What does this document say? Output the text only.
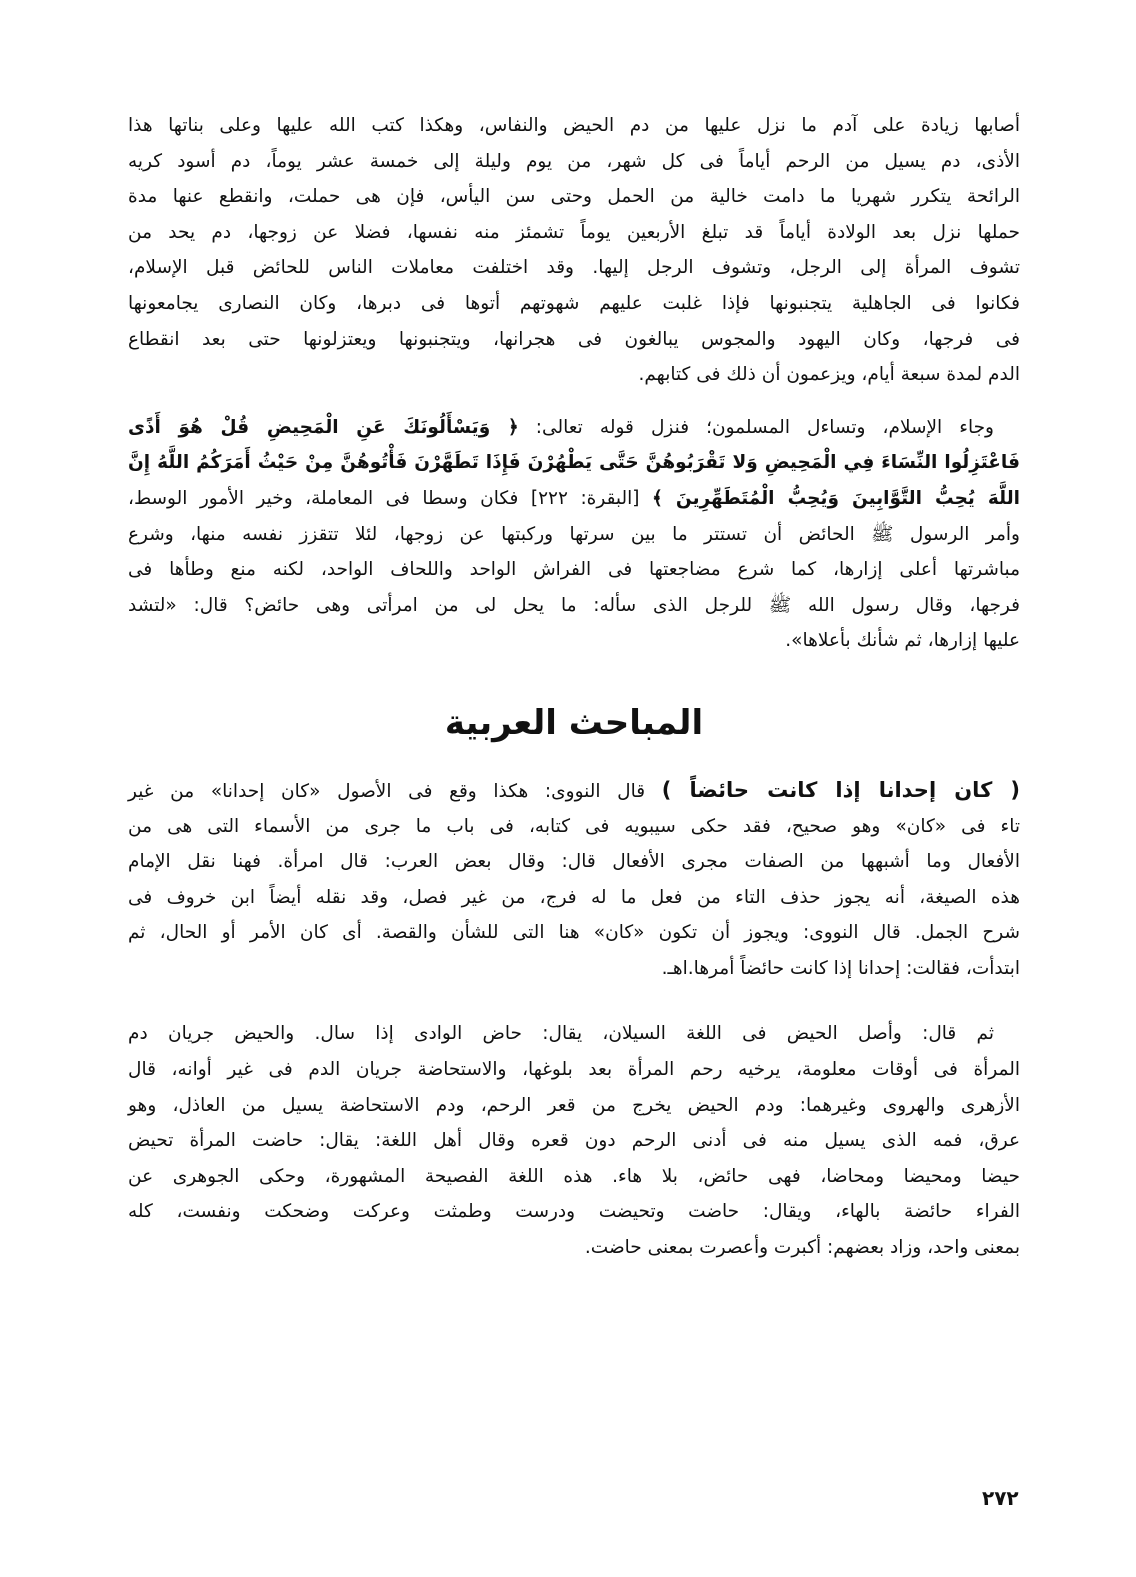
أصابها زيادة على آدم ما نزل عليها من دم الحيض والنفاس، وهكذا كتب الله عليها وعلى بناتها هذا
الأذى، دم يسيل من الرحم أياماً فى كل شهر، من يوم وليلة إلى خمسة عشر يوماً، دم أسود كريه
الرائحة يتكرر شهريا ما دامت خالية من الحمل وحتى سن اليأس، فإن هى حملت، وانقطع عنها مدة
حملها نزل بعد الولادة أياماً قد تبلغ الأربعين يوماً تشمئز منه نفسها، فضلا عن زوجها، دم يحد من
تشوف المرأة إلى الرجل، وتشوف الرجل إليها. وقد اختلفت معاملات الناس للحائض قبل الإسلام،
فكانوا فى الجاهلية يتجنبونها فإذا غلبت عليهم شهوتهم أتوها فى دبرها، وكان النصارى يجامعونها
فى فرجها، وكان اليهود والمجوس يبالغون فى هجرانها، ويتجنبونها ويعتزلونها حتى بعد انقطاع
الدم لمدة سبعة أيام، ويزعمون أن ذلك فى كتابهم.
وجاء الإسلام، وتساءل المسلمون؛ فنزل قوله تعالى: ﴿ وَيَسْأَلُونَكَ عَنِ الْمَحِيضِ قُلْ هُوَ أَذًى
فَاعْتَزِلُوا النِّسَاءَ فِي الْمَحِيضِ وَلا تَقْرَبُوهُنَّ حَتَّى يَطْهُرْنَ فَإِذَا تَطَهَّرْنَ فَأْتُوهُنَّ مِنْ حَيْثُ أَمَرَكُمُ اللَّهُ إِنَّ
اللَّهَ يُحِبُّ التَّوَّابِينَ وَيُحِبُّ الْمُتَطَهِّرِينَ ﴾ [البقرة: ٢٢٢] فكان وسطا فى المعاملة، وخير الأمور الوسط،
وأمر الرسول ﷺ الحائض أن تستتر ما بين سرتها وركبتها عن زوجها، لئلا تتقزز نفسه منها، وشرع
مباشرتها أعلى إزارها، كما شرع مضاجعتها فى الفراش الواحد واللحاف الواحد، لكنه منع وطأها فى
فرجها، وقال رسول الله ﷺ للرجل الذى سأله: ما يحل لى من امرأتى وهى حائض؟ قال: «لتشد
عليها إزارها، ثم شأنك بأعلاها».
المباحث العربية
( كان إحدانا إذا كانت حائضاً ) قال النووى: هكذا وقع فى الأصول «كان إحدانا» من غير
تاء فى «كان» وهو صحيح، فقد حكى سيبويه فى كتابه، فى باب ما جرى من الأسماء التى هى من
الأفعال وما أشبهها من الصفات مجرى الأفعال قال: وقال بعض العرب: قال امرأة. فهنا نقل الإمام
هذه الصيغة، أنه يجوز حذف التاء من فعل ما له فرج، من غير فصل، وقد نقله أيضاً ابن خروف فى
شرح الجمل. قال النووى: ويجوز أن تكون «كان» هنا التى للشأن والقصة. أى كان الأمر أو الحال، ثم
ابتدأت، فقالت: إحدانا إذا كانت حائضاً أمرها.اهـ.
ثم قال: وأصل الحيض فى اللغة السيلان، يقال: حاض الوادى إذا سال. والحيض جريان دم
المرأة فى أوقات معلومة، يرخيه رحم المرأة بعد بلوغها، والاستحاضة جريان الدم فى غير أوانه، قال
الأزهرى والهروى وغيرهما: ودم الحيض يخرج من قعر الرحم، ودم الاستحاضة يسيل من العاذل، وهو
عرق، فمه الذى يسيل منه فى أدنى الرحم دون قعره وقال أهل اللغة: يقال: حاضت المرأة تحيض
حيضا ومحيضا ومحاضا، فهى حائض، بلا هاء. هذه اللغة الفصيحة المشهورة، وحكى الجوهرى عن
الفراء حائضة بالهاء، ويقال: حاضت وتحيضت ودرست وطمثت وعركت وضحكت ونفست، كله
بمعنى واحد، وزاد بعضهم: أكبرت وأعصرت بمعنى حاضت.
٢٧٢
